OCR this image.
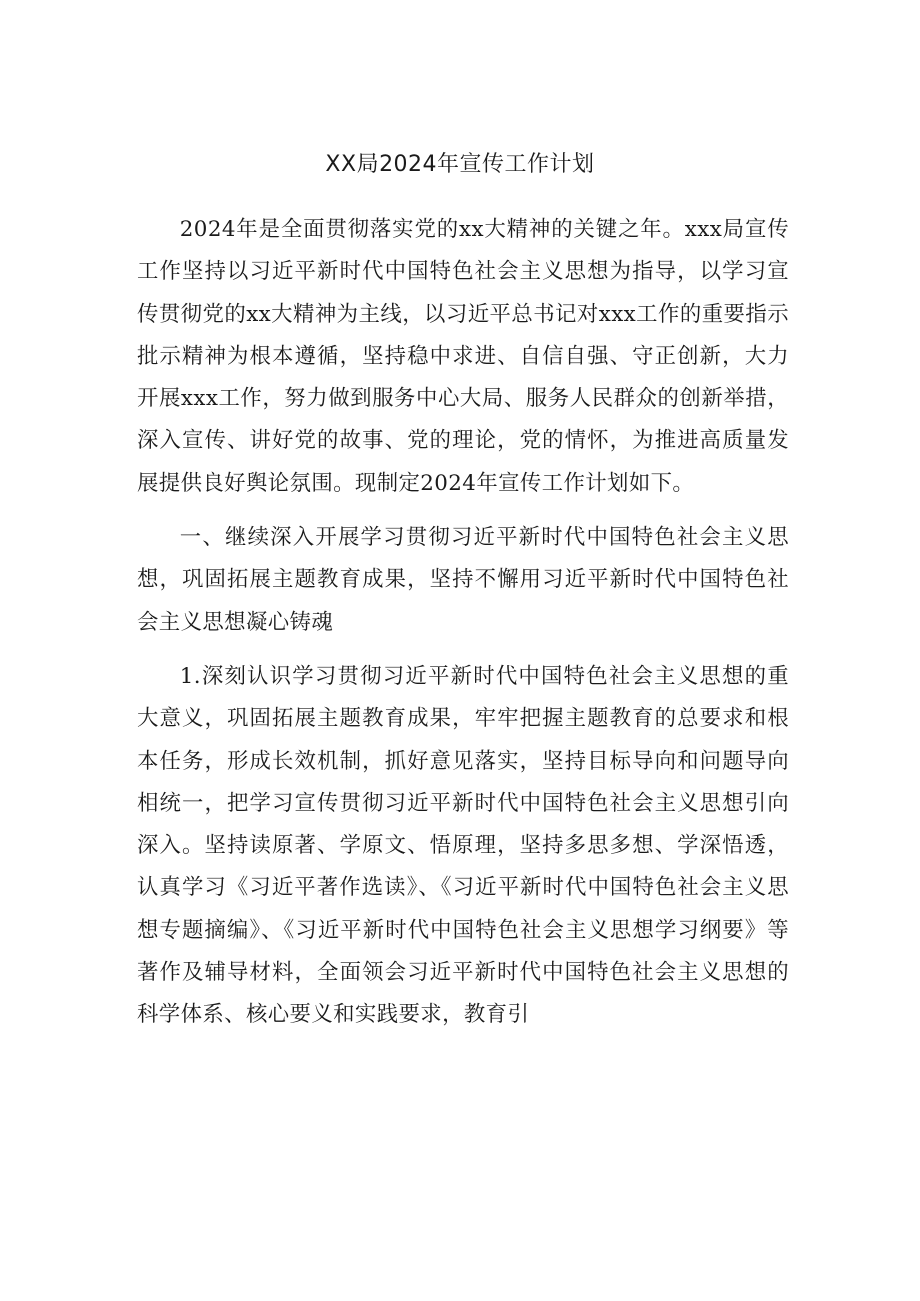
XX局2024年宣传工作计划

2024年是全面贯彻落实党的xx大精神的关键之年。xxx局宣传工作坚持以习近平新时代中国特色社会主义思想为指导，以学习宣传贯彻党的xx大精神为主线，以习近平总书记对xxx工作的重要指示批示精神为根本遵循，坚持稳中求进、自信自强、守正创新，大力开展xxx工作，努力做到服务中心大局、服务人民群众的创新举措，深入宣传、讲好党的故事、党的理论，党的情怀，为推进高质量发展提供良好舆论氛围。现制定2024年宣传工作计划如下。

一、继续深入开展学习贯彻习近平新时代中国特色社会主义思想，巩固拓展主题教育成果，坚持不懈用习近平新时代中国特色社会主义思想凝心铸魂

1.深刻认识学习贯彻习近平新时代中国特色社会主义思想的重大意义，巩固拓展主题教育成果，牢牢把握主题教育的总要求和根本任务，形成长效机制，抓好意见落实，坚持目标导向和问题导向相统一，把学习宣传贯彻习近平新时代中国特色社会主义思想引向深入。坚持读原著、学原文、悟原理，坚持多思多想、学深悟透，认真学习《习近平著作选读》、《习近平新时代中国特色社会主义思想专题摘编》、《习近平新时代中国特色社会主义思想学习纲要》等著作及辅导材料，全面领会习近平新时代中国特色社会主义思想的科学体系、核心要义和实践要求，教育引
